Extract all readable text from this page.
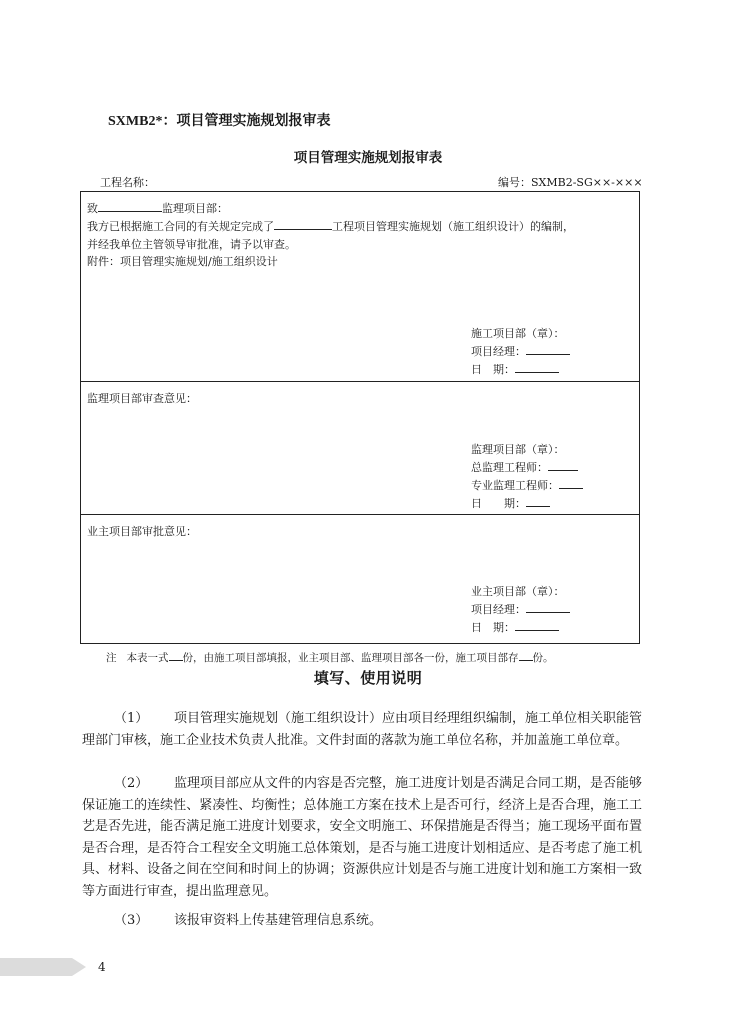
SXMB2*：项目管理实施规划报审表
项目管理实施规划报审表
工程名称：	编号：SXMB2-SG××-×××
致	监理项目部：
我方已根据施工合同的有关规定完成了	工程项目管理实施规划（施工组织设计）的编制，
并经我单位主管领导审批准，请予以审查。
附件：项目管理实施规划/施工组织设计
施工项目部（章）：
项目经理：
日　期：
监理项目部审查意见：
监理项目部（章）：
总监理工程师：
专业监理工程师：
日　　期：
业主项目部审批意见：
业主项目部（章）：
项目经理：
日　期：
注 本表一式 份，由施工项目部填报，业主项目部、监理项目部各一份，施工项目部存 份。
填写、使用说明
（1） 项目管理实施规划（施工组织设计）应由项目经理组织编制，施工单位相关职能管理部门审核，施工企业技术负责人批准。文件封面的落款为施工单位名称，并加盖施工单位章。
（2） 监理项目部应从文件的内容是否完整，施工进度计划是否满足合同工期，是否能够保证施工的连续性、紧凑性、均衡性；总体施工方案在技术上是否可行，经济上是否合理，施工工艺是否先进，能否满足施工进度计划要求，安全文明施工、环保措施是否得当；施工现场平面布置是否合理，是否符合工程安全文明施工总体策划，是否与施工进度计划相适应、是否考虑了施工机具、材料、设备之间在空间和时间上的协调；资源供应计划是否与施工进度计划和施工方案相一致等方面进行审查，提出监理意见。
（3） 该报审资料上传基建管理信息系统。
4
